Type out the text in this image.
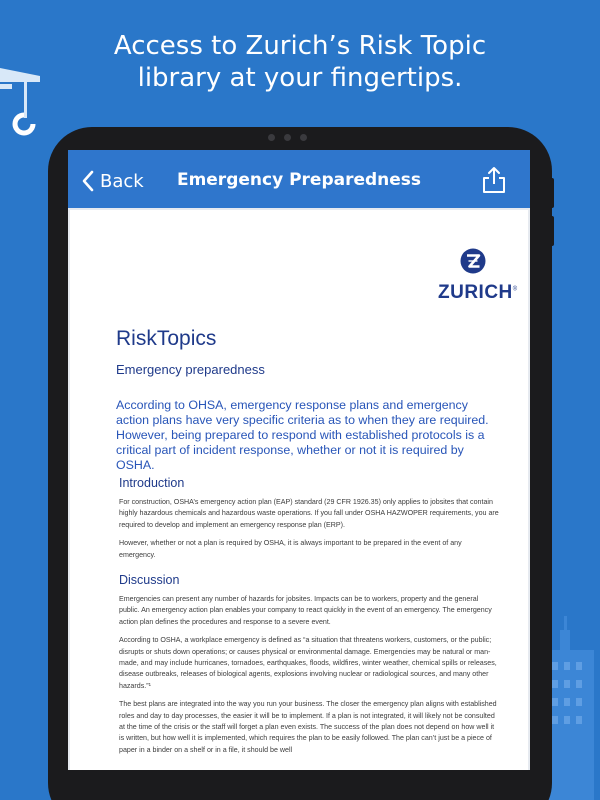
Access to Zurich’s Risk Topic
library at your fingertips.
Back	Emergency Preparedness
ZURICH®
RiskTopics
Emergency preparedness
According to OHSA, emergency response plans and emergency action plans have very specific criteria as to when they are required. However, being prepared to respond with established protocols is a critical part of incident response, whether or not it is required by OSHA.
Introduction

For construction, OSHA’s emergency action plan (EAP) standard (29 CFR 1926.35) only applies to jobsites that contain highly hazardous chemicals and hazardous waste operations. If you fall under OSHA HAZWOPER requirements, you are required to develop and implement an emergency response plan (ERP).

However, whether or not a plan is required by OSHA, it is always important to be prepared in the event of any emergency.

Discussion

Emergencies can present any number of hazards for jobsites. Impacts can be to workers, property and the general public. An emergency action plan enables your company to react quickly in the event of an emergency. The emergency action plan defines the procedures and response to a severe event.

According to OSHA, a workplace emergency is defined as “a situation that threatens workers, customers, or the public; disrupts or shuts down operations; or causes physical or environmental damage. Emergencies may be natural or man-made, and may include hurricanes, tornadoes, earthquakes, floods, wildfires, winter weather, chemical spills or releases, disease outbreaks, releases of biological agents, explosions involving nuclear or radiological sources, and many other hazards.”¹

The best plans are integrated into the way you run your business. The closer the emergency plan aligns with established roles and day to day processes, the easier it will be to implement. If a plan is not integrated, it will likely not be consulted at the time of the crisis or the staff will forget a plan even exists. The success of the plan does not depend on how well it is written, but how well it is implemented, which requires the plan to be easily followed. The plan can’t just be a piece of paper in a binder on a shelf or in a file, it should be well
